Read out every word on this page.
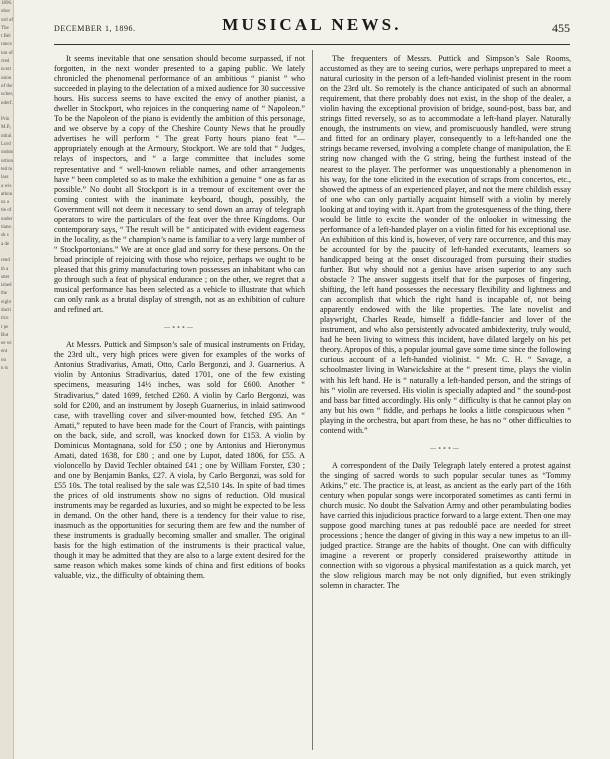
1896.
ubsc
ord of
The
t Bel
rance
ion of
cted
ncert
ssion
of the
ucher,
nderf.

Prin
M.P.,
ntitul
Lord
ondon
ortion
ted to
lass
a wis
athon
ns a
tle of
nuder
tiane.
sk s
a de

rend
th a
stter
ished
the
eight
ducti
ticu
t pe
But
ee wi
ent
ou
n is
DECEMBER 1, 1896.	MUSICAL NEWS.	455

It seems inevitable that one sensation should become surpassed, if not forgotten, in the next wonder presented to a gaping public. We lately chronicled the phenomenal performance of an ambitious “ pianist ” who succeeded in playing to the delectation of a mixed audience for 30 successive hours. His success seems to have excited the envy of another pianist, a dweller in Stockport, who rejoices in the conquering name of “ Napoleon.” To be the Napoleon of the piano is evidently the ambition of this personage, and we observe by a copy of the Cheshire County News that he proudly advertises he will perform “ The great Forty hours piano feat ”—appropriately enough at the Armoury, Stockport. We are told that “ Judges, relays of inspectors, and “ a large committee that includes some representative and “ well-known reliable names, and other arrangements have “ been completed so as to make the exhibition a genuine “ one as far as possible.” No doubt all Stockport is in a tremour of excitement over the coming contest with the inanimate keyboard, though, possibly, the Government will not deem it necessary to send down an array of telegraph operators to wire the particulars of the feat over the three Kingdoms. Our contemporary says, “ The result will be “ anticipated with evident eagerness in the locality, as the “ champion’s name is familiar to a very large number of “ Stockportonians.” We are at once glad and sorry for these persons. On the broad principle of rejoicing with those who rejoice, perhaps we ought to be pleased that this grimy manufacturing town possesses an inhabitant who can go through such a feat of physical endurance ; on the other, we regret that a musical performance has been selected as a vehicle to illustrate that which can only rank as a brutal display of strength, not as an exhibition of culture and refined art.

—∘∘∘—

At Messrs. Puttick and Simpson’s sale of musical instruments on Friday, the 23rd ult., very high prices were given for examples of the works of Antonius Stradivarius, Amati, Otto, Carlo Bergonzi, and J. Guarnerius. A violin by Antonius Stradivarius, dated 1701, one of the few existing specimens, measuring 14½ inches, was sold for £600. Another “ Stradivarius,” dated 1699, fetched £260. A violin by Carlo Bergonzi, was sold for £200, and an instrument by Joseph Guarnerius, in inlaid satinwood case, with travelling cover and silver-mounted bow, fetched £95. An “ Amati,” reputed to have been made for the Court of Francis, with paintings on the back, side, and scroll, was knocked down for £153. A violin by Dominicus Montagnana, sold for £50 ; one by Antonius and Hieronymus Amati, dated 1638, for £80 ; and one by Lupot, dated 1806, for £55. A violoncello by David Techler obtained £41 ; one by William Forster, £30 ; and one by Benjamin Banks, £27. A viola, by Carlo Bergonzi, was sold for £55 10s. The total realised by the sale was £2,510 14s. In spite of bad times the prices of old instruments show no signs of reduction. Old musical instruments may be regarded as luxuries, and so might be expected to be less in demand. On the other hand, there is a tendency for their value to rise, inasmuch as the opportunities for securing them are few and the number of these instruments is gradually becoming smaller and smaller. The original basis for the high estimation of the instruments is their practical value, though it may be admitted that they are also to a large extent desired for the same reason which makes some kinds of china and first editions of books valuable, viz., the difficulty of obtaining them.

The frequenters of Messrs. Puttick and Simpson’s Sale Rooms, accustomed as they are to seeing curios, were perhaps unprepared to meet a natural curiosity in the person of a left-handed violinist present in the room on the 23rd ult. So remotely is the chance anticipated of such an abnormal requirement, that there probably does not exist, in the shop of the dealer, a violin having the exceptional provision of bridge, sound-post, bass bar, and strings fitted reversely, so as to accommodate a left-hand player. Naturally enough, the instruments on view, and promiscuously handled, were strung and fitted for an ordinary player, consequently to a left-handed one the strings became reversed, involving a complete change of manipulation, the E string now changed with the G string, being the furthest instead of the nearest to the player. The performer was unquestionably a phenomenon in his way, for the tone elicited in the execution of scraps from concertos, etc., showed the aptness of an experienced player, and not the mere childish essay of one who can only partially acquaint himself with a violin by merely looking at and toying with it. Apart from the grotesqueness of the thing, there would be little to excite the wonder of the onlooker in witnessing the performance of a left-handed player on a violin fitted for his exceptional use. An exhibition of this kind is, however, of very rare occurrence, and this may be accounted for by the paucity of left-handed executants, learners so handicapped being at the onset discouraged from pursuing their studies further. But why should not a genius have arisen superior to any such obstacle ? The answer suggests itself that for the purposes of fingering, shifting, the left hand possesses the necessary flexibility and lightness and can accomplish that which the right hand is incapable of, not being apparently endowed with the like properties. The late novelist and playwright, Charles Reade, himself a fiddle-fancier and lover of the instrument, and who also persistently advocated ambidexterity, truly would, had he been living to witness this incident, have dilated largely on his pet theory. Apropos of this, a popular journal gave some time since the following curious account of a left-handed violinist. “ Mr. C. H. “ Savage, a schoolmaster living in Warwickshire at the “ present time, plays the violin with his left hand. He is “ naturally a left-handed person, and the strings of his “ violin are reversed. His violin is specially adapted and “ the sound-post and bass bar fitted accordingly. His only “ difficulty is that he cannot play on any but his own “ fiddle, and perhaps he looks a little conspicuous when “ playing in the orchestra, but apart from these, he has no “ other difficulties to contend with.”

—∘∘∘—

A correspondent of the Daily Telegraph lately entered a protest against the singing of sacred words to such popular secular tunes as “Tommy Atkins,” etc. The practice is, at least, as ancient as the early part of the 16th century when popular songs were incorporated sometimes as canti fermi in church music. No doubt the Salvation Army and other perambulating bodies have carried this injudicious practice forward to a large extent. Then one may suppose good marching tunes at pas redoublé pace are needed for street processions ; hence the danger of giving in this way a new impetus to an ill-judged practice. Strange are the habits of thought. One can with difficulty imagine a reverent or properly considered praiseworthy attitude in connection with so vigorous a physical manifestation as a quick march, yet the slow religious march may be not only dignified, but even strikingly solemn in character. The
